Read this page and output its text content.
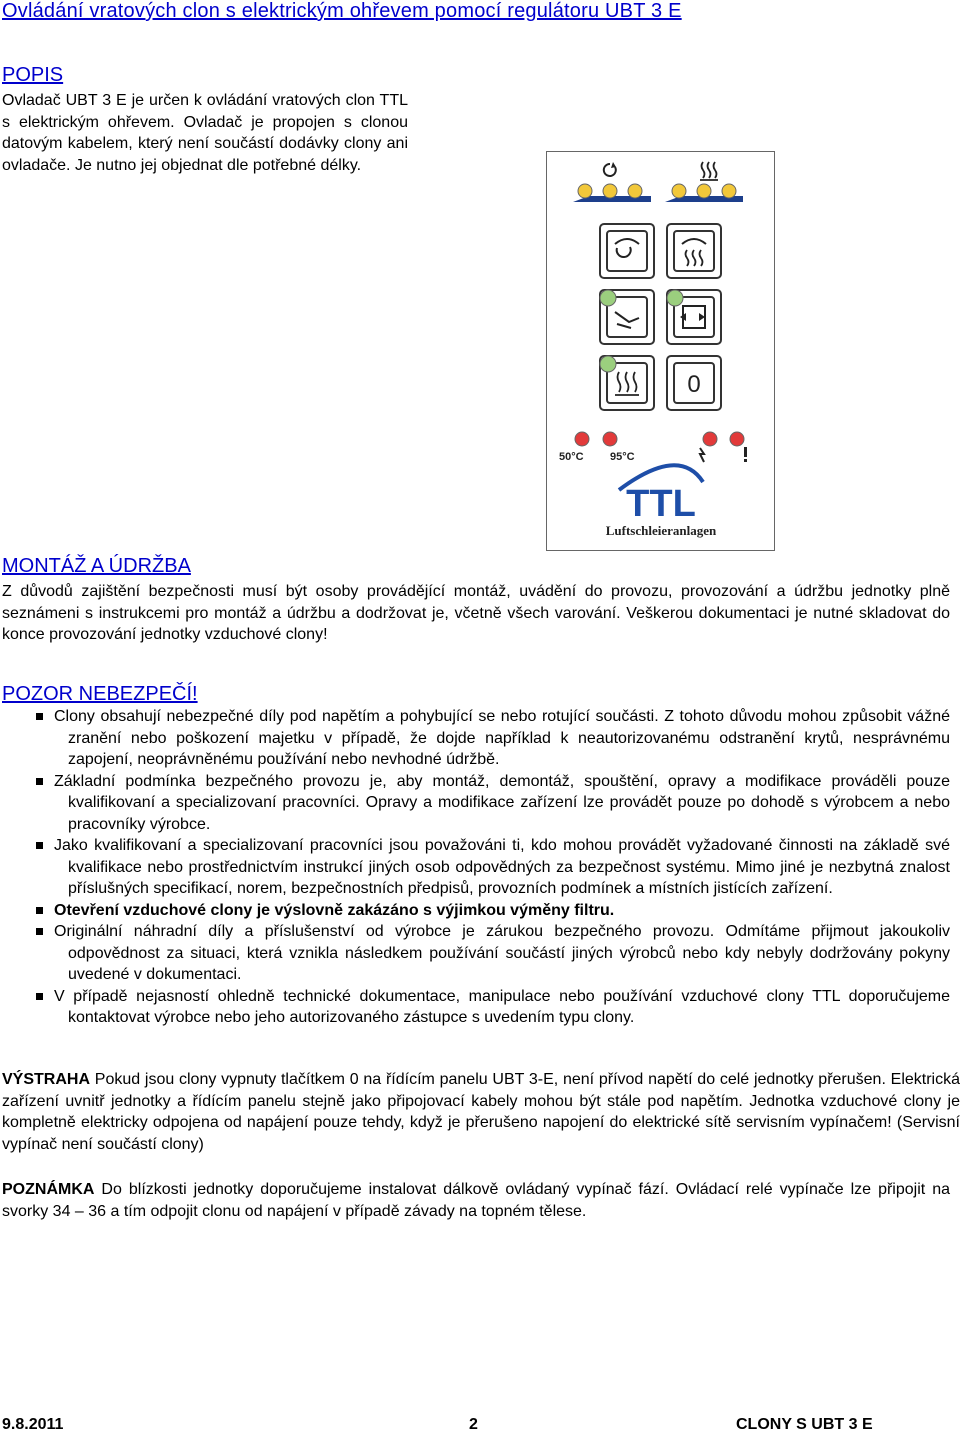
Ovládání vratových clon s elektrickým ohřevem pomocí regulátoru UBT 3 E
POPIS
Ovladač UBT 3 E je určen k ovládání vratových clon TTL s elektrickým ohřevem. Ovladač je propojen s clonou datovým kabelem, který není součástí dodávky clony ani ovladače. Je nutno jej objednat dle potřebné délky.
0
50°C 95°C
TTL
Luftschleieranlagen
MONTÁŽ A ÚDRŽBA
Z důvodů zajištění bezpečnosti musí být osoby provádějící montáž, uvádění do provozu, provozování a údržbu jednotky plně seznámeni s instrukcemi pro montáž a údržbu a dodržovat je, včetně všech varování. Veškerou dokumentaci je nutné skladovat do konce provozování jednotky vzduchové clony!
POZOR NEBEZPEČÍ!
Clony obsahují nebezpečné díly pod napětím a pohybující se nebo rotující součásti. Z tohoto důvodu mohou způsobit vážné zranění nebo poškození majetku v případě, že dojde například k neautorizovanému odstranění krytů, nesprávnému zapojení, neoprávněnému používání nebo nevhodné údržbě.
Základní podmínka bezpečného provozu je, aby montáž, demontáž, spouštění, opravy a modifikace prováděli pouze kvalifikovaní a specializovaní pracovníci. Opravy a modifikace zařízení lze provádět pouze po dohodě s výrobcem a nebo pracovníky výrobce.
Jako kvalifikovaní a specializovaní pracovníci jsou považováni ti, kdo mohou provádět vyžadované činnosti na základě své kvalifikace nebo prostřednictvím instrukcí jiných osob odpovědných za bezpečnost systému. Mimo jiné je nezbytná znalost příslušných specifikací, norem, bezpečnostních předpisů, provozních podmínek a místních jistících zařízení.
Otevření vzduchové clony je výslovně zakázáno s výjimkou výměny filtru.
Originální náhradní díly a příslušenství od výrobce je zárukou bezpečného provozu. Odmítáme přijmout jakoukoliv odpovědnost za situaci, která vznikla následkem používání součástí jiných výrobců nebo kdy nebyly dodržovány pokyny uvedené v dokumentaci.
V případě nejasností ohledně technické dokumentace, manipulace nebo používání vzduchové clony TTL doporučujeme kontaktovat výrobce nebo jeho autorizovaného zástupce s uvedením typu clony.
VÝSTRAHA Pokud jsou clony vypnuty tlačítkem 0 na řídícím panelu UBT 3-E, není přívod napětí do celé jednotky přerušen. Elektrická zařízení uvnitř jednotky a řídícím panelu stejně jako připojovací kabely mohou být stále pod napětím. Jednotka vzduchové clony je kompletně elektricky odpojena od napájení pouze tehdy, když je přerušeno napojení do elektrické sítě servisním vypínačem! (Servisní vypínač není součástí clony)
POZNÁMKA Do blízkosti jednotky doporučujeme instalovat dálkově ovládaný vypínač fází. Ovládací relé vypínače lze připojit na svorky 34 – 36 a tím odpojit clonu od napájení v případě závady na topném tělese.
9.8.2011	2	CLONY S UBT 3 E
